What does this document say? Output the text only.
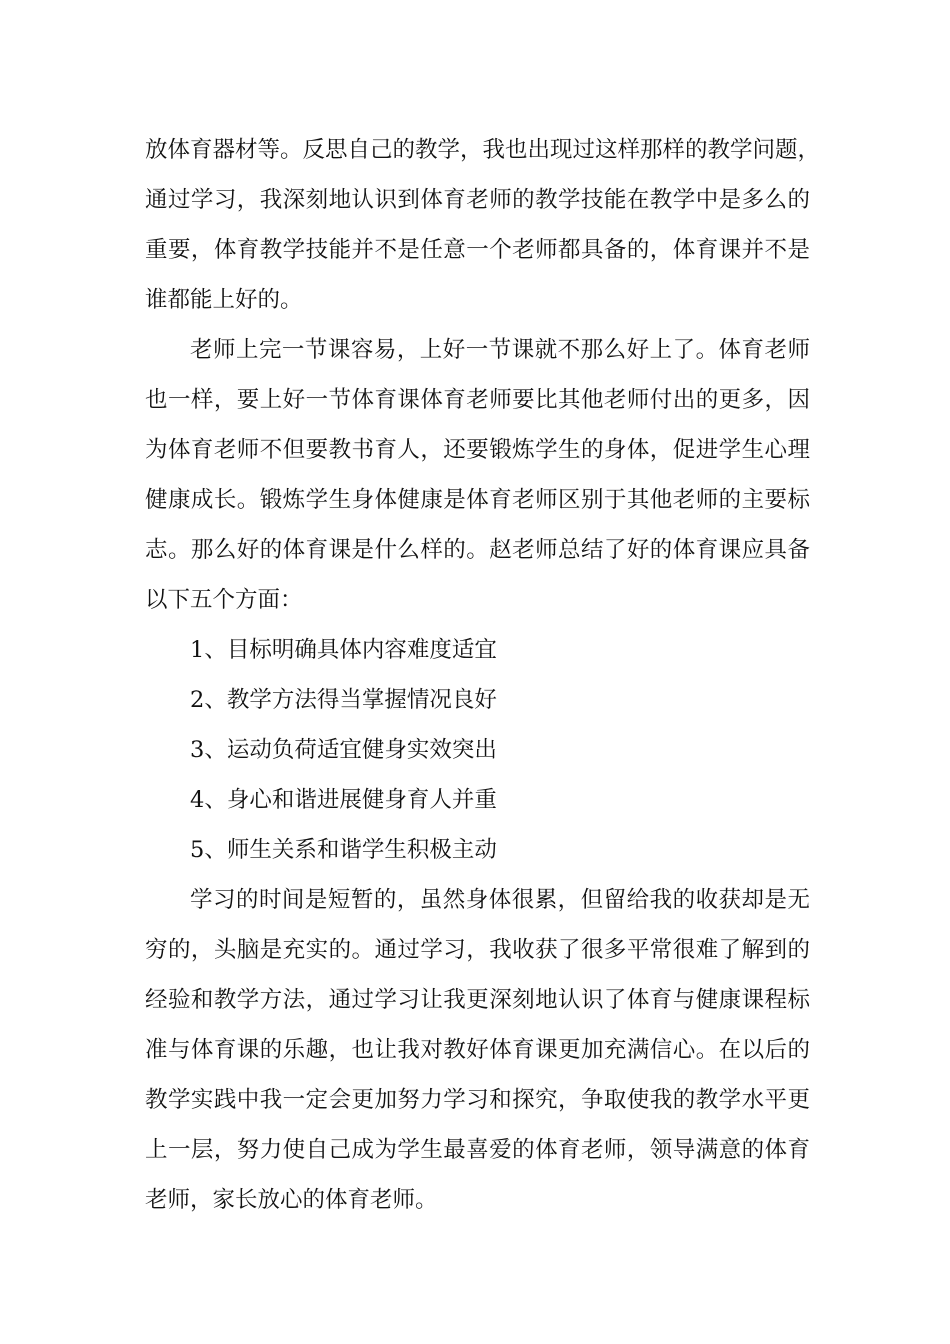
放体育器材等。反思自己的教学，我也出现过这样那样的教学问题，
通过学习，我深刻地认识到体育老师的教学技能在教学中是多么的
重要，体育教学技能并不是任意一个老师都具备的，体育课并不是
谁都能上好的。
老师上完一节课容易，上好一节课就不那么好上了。体育老师
也一样，要上好一节体育课体育老师要比其他老师付出的更多，因
为体育老师不但要教书育人，还要锻炼学生的身体，促进学生心理
健康成长。锻炼学生身体健康是体育老师区别于其他老师的主要标
志。那么好的体育课是什么样的。赵老师总结了好的体育课应具备
以下五个方面：
1、目标明确具体内容难度适宜
2、教学方法得当掌握情况良好
3、运动负荷适宜健身实效突出
4、身心和谐进展健身育人并重
5、师生关系和谐学生积极主动
学习的时间是短暂的，虽然身体很累，但留给我的收获却是无
穷的，头脑是充实的。通过学习，我收获了很多平常很难了解到的
经验和教学方法，通过学习让我更深刻地认识了体育与健康课程标
准与体育课的乐趣，也让我对教好体育课更加充满信心。在以后的
教学实践中我一定会更加努力学习和探究，争取使我的教学水平更
上一层，努力使自己成为学生最喜爱的体育老师，领导满意的体育
老师，家长放心的体育老师。
